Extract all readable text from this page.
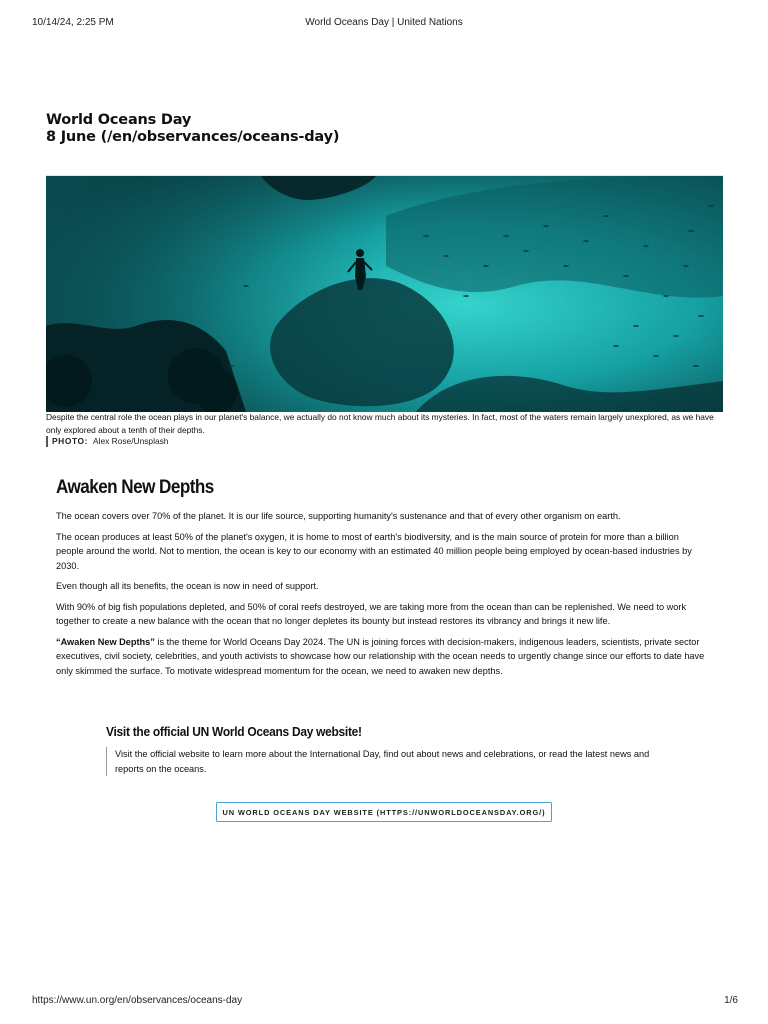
10/14/24, 2:25 PM	World Oceans Day | United Nations
World Oceans Day
8 June (/en/observances/oceans-day)
Despite the central role the ocean plays in our planet's balance, we actually do not know much about its mysteries. In fact, most of the waters remain largely unexplored, as we have only explored about a tenth of their depths.
PHOTO: Alex Rose/Unsplash
Awaken New Depths

The ocean covers over 70% of the planet. It is our life source, supporting humanity's sustenance and that of every other organism on earth.

The ocean produces at least 50% of the planet's oxygen, it is home to most of earth's biodiversity, and is the main source of protein for more than a billion people around the world. Not to mention, the ocean is key to our economy with an estimated 40 million people being employed by ocean-based industries by 2030.

Even though all its benefits, the ocean is now in need of support.

With 90% of big fish populations depleted, and 50% of coral reefs destroyed, we are taking more from the ocean than can be replenished. We need to work together to create a new balance with the ocean that no longer depletes its bounty but instead restores its vibrancy and brings it new life.

“Awaken New Depths” is the theme for World Oceans Day 2024. The UN is joining forces with decision-makers, indigenous leaders, scientists, private sector executives, civil society, celebrities, and youth activists to showcase how our relationship with the ocean needs to urgently change since our efforts to date have only skimmed the surface. To motivate widespread momentum for the ocean, we need to awaken new depths.

Visit the official UN World Oceans Day website!
Visit the official website to learn more about the International Day, find out about news and celebrations, or read the latest news and reports on the oceans.
UN WORLD OCEANS DAY WEBSITE (HTTPS://UNWORLDOCEANSDAY.ORG/)
https://www.un.org/en/observances/oceans-day	1/6
